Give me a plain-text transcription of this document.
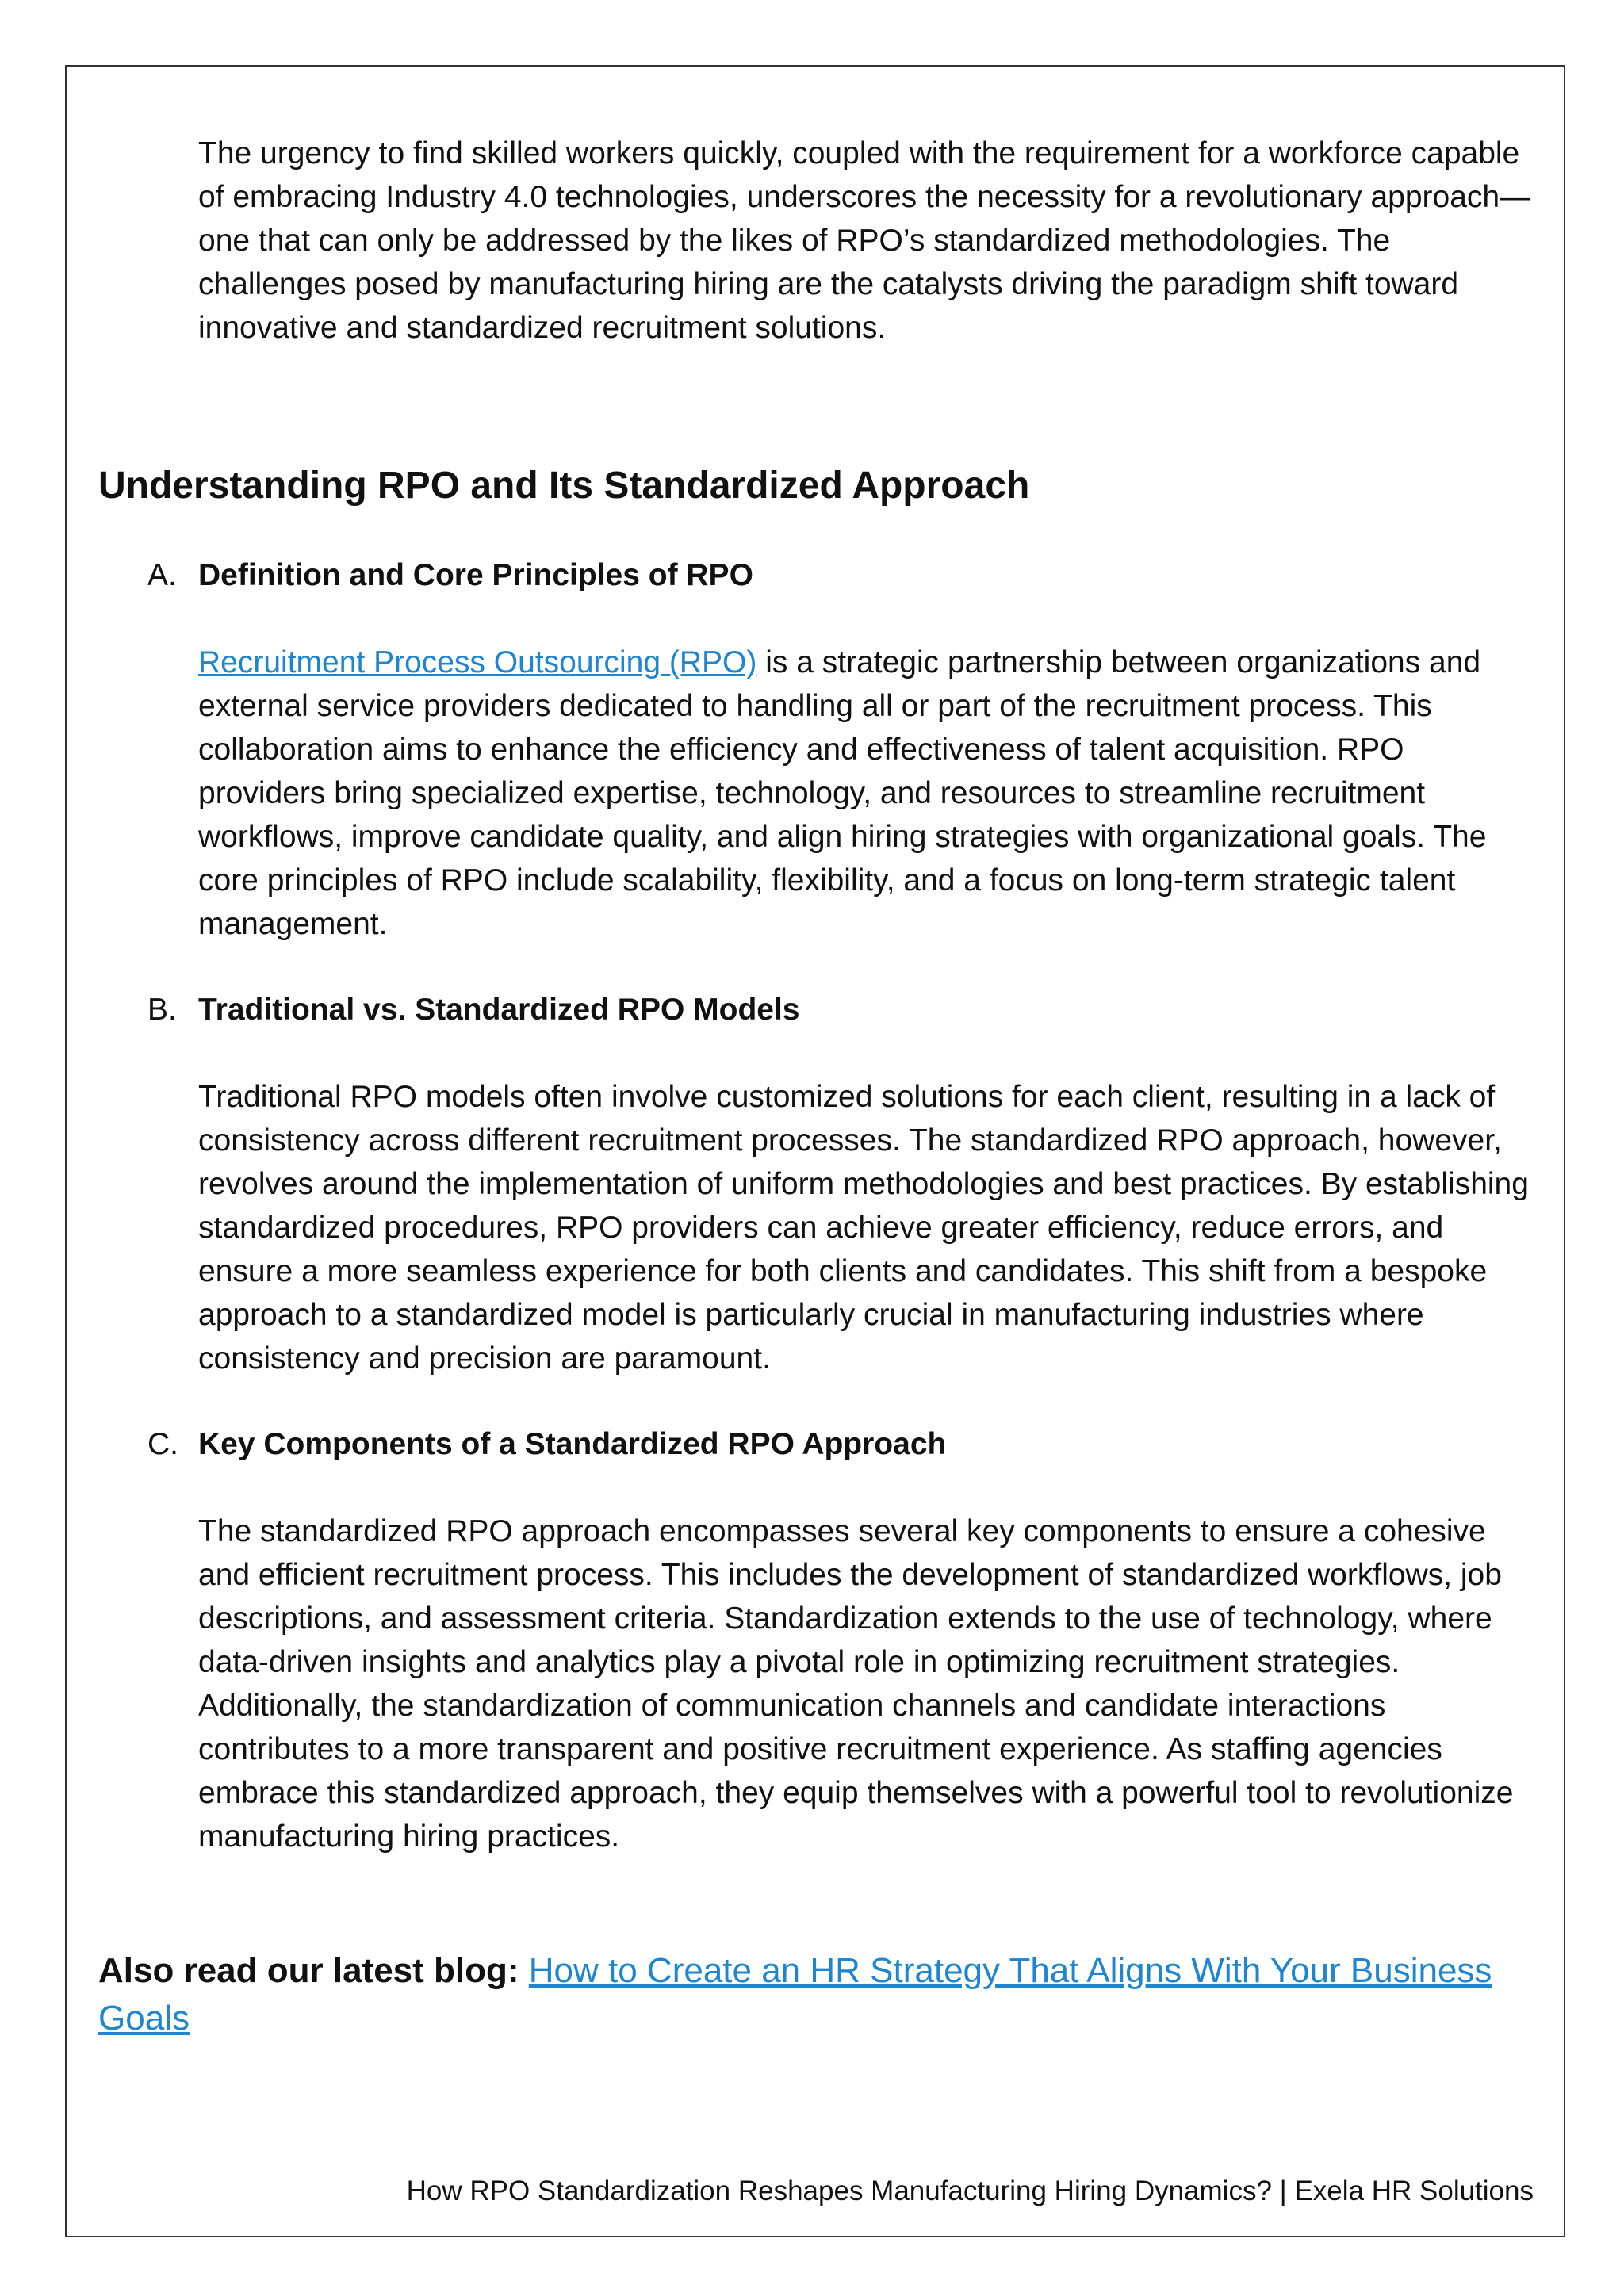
The urgency to find skilled workers quickly, coupled with the requirement for a workforce capable of embracing Industry 4.0 technologies, underscores the necessity for a revolutionary approach—one that can only be addressed by the likes of RPO’s standardized methodologies. The challenges posed by manufacturing hiring are the catalysts driving the paradigm shift toward innovative and standardized recruitment solutions.

Understanding RPO and Its Standardized Approach
A. Definition and Core Principles of RPO

Recruitment Process Outsourcing (RPO) is a strategic partnership between organizations and external service providers dedicated to handling all or part of the recruitment process. This collaboration aims to enhance the efficiency and effectiveness of talent acquisition. RPO providers bring specialized expertise, technology, and resources to streamline recruitment workflows, improve candidate quality, and align hiring strategies with organizational goals. The core principles of RPO include scalability, flexibility, and a focus on long-term strategic talent management.

B. Traditional vs. Standardized RPO Models

Traditional RPO models often involve customized solutions for each client, resulting in a lack of consistency across different recruitment processes. The standardized RPO approach, however, revolves around the implementation of uniform methodologies and best practices. By establishing standardized procedures, RPO providers can achieve greater efficiency, reduce errors, and ensure a more seamless experience for both clients and candidates. This shift from a bespoke approach to a standardized model is particularly crucial in manufacturing industries where consistency and precision are paramount.

C. Key Components of a Standardized RPO Approach

The standardized RPO approach encompasses several key components to ensure a cohesive and efficient recruitment process. This includes the development of standardized workflows, job descriptions, and assessment criteria. Standardization extends to the use of technology, where data-driven insights and analytics play a pivotal role in optimizing recruitment strategies. Additionally, the standardization of communication channels and candidate interactions contributes to a more transparent and positive recruitment experience. As staffing agencies embrace this standardized approach, they equip themselves with a powerful tool to revolutionize manufacturing hiring practices.

Also read our latest blog: How to Create an HR Strategy That Aligns With Your Business Goals

How RPO Standardization Reshapes Manufacturing Hiring Dynamics? | Exela HR Solutions
